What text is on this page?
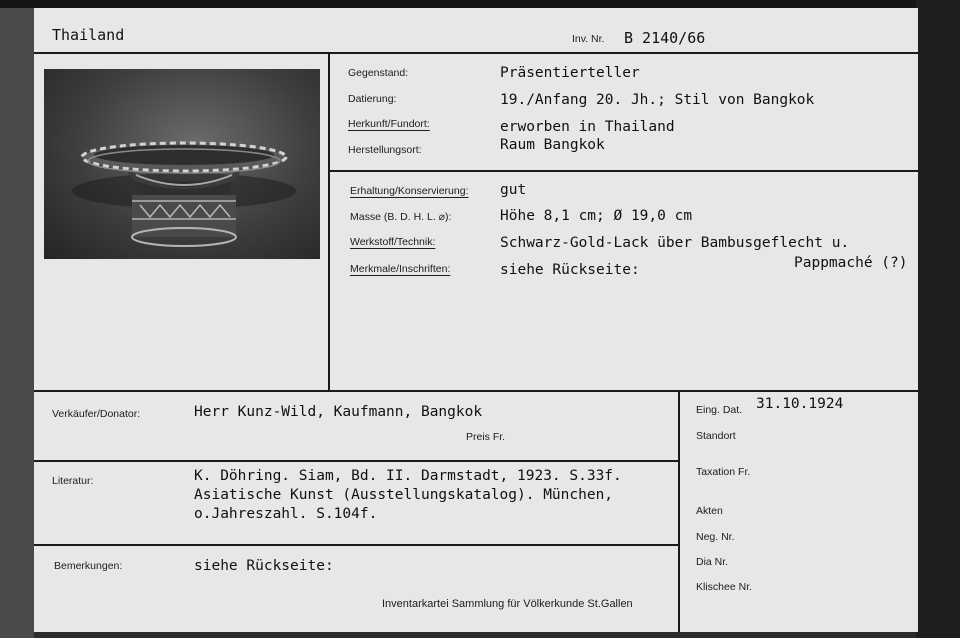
Thailand	Inv. Nr. B 2140/66
Gegenstand:	Präsentierteller
Datierung:	19./Anfang 20. Jh.; Stil von Bangkok
Herkunft/Fundort:	erworben in Thailand
Herstellungsort:	Raum Bangkok
Erhaltung/Konservierung: gut
Masse (B. D. H. L. ⌀):	Höhe 8,1 cm; Ø 19,0 cm
Werkstoff/Technik:	Schwarz-Gold-Lack über Bambusgeflecht u.
Pappmaché (?)
Merkmale/Inschriften:	siehe Rückseite:
Verkäufer/Donator:	Herr Kunz-Wild, Kaufmann, Bangkok
Preis Fr.
Literatur:	K. Döhring. Siam, Bd. II. Darmstadt, 1923. S.33f.
Asiatische Kunst (Ausstellungskatalog). München,
o.Jahreszahl. S.104f.
Bemerkungen:	siehe Rückseite:
Inventarkartei Sammlung für Völkerkunde St.Gallen
Eing. Dat. 31.10.1924
Standort
Taxation Fr.
Akten
Neg. Nr.
Dia Nr.
Klischee Nr.
